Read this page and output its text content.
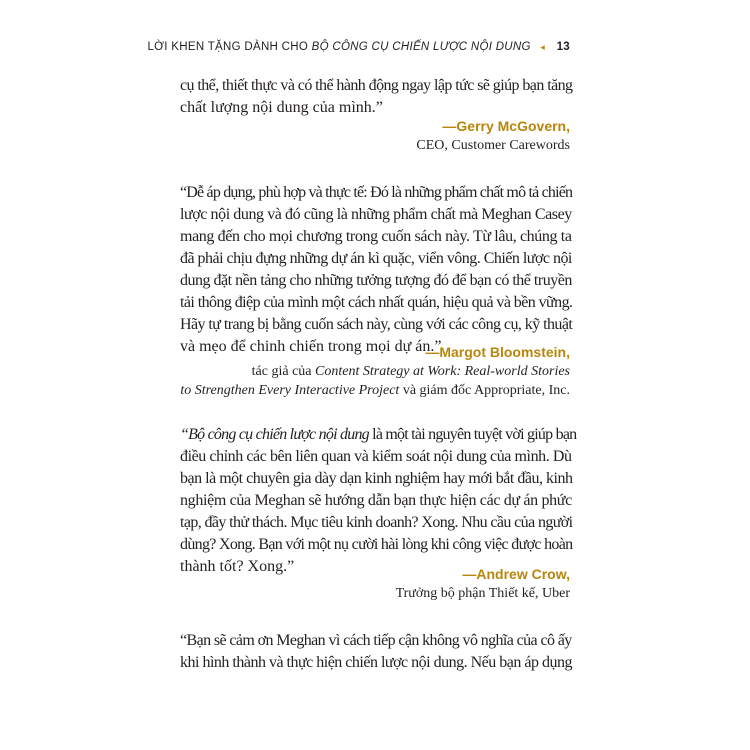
LỜI KHEN TẶNG DÀNH CHO BỘ CÔNG CỤ CHIẾN LƯỢC NỘI DUNG ◂ 13

cụ thể, thiết thực và có thể hành động ngay lập tức sẽ giúp bạn tăng

chất lượng nội dung của mình.”

—Gerry McGovern,
CEO, Customer Carewords

“Dễ áp dụng, phù hợp và thực tế: Đó là những phẩm chất mô tả chiến

lược nội dung và đó cũng là những phẩm chất mà Meghan Casey

mang đến cho mọi chương trong cuốn sách này. Từ lâu, chúng ta

đã phải chịu đựng những dự án kì quặc, viển vông. Chiến lược nội

dung đặt nền tảng cho những tưởng tượng đó để bạn có thể truyền

tải thông điệp của mình một cách nhất quán, hiệu quả và bền vững.

Hãy tự trang bị bằng cuốn sách này, cùng với các công cụ, kỹ thuật

và mẹo để chinh chiến trong mọi dự án.”

—Margot Bloomstein,
tác giả của Content Strategy at Work: Real-world Stories
to Strengthen Every Interactive Project và giám đốc Appropriate, Inc.

“Bộ công cụ chiến lược nội dung là một tài nguyên tuyệt vời giúp bạn

điều chỉnh các bên liên quan và kiểm soát nội dung của mình. Dù

bạn là một chuyên gia dày dạn kinh nghiệm hay mới bắt đầu, kinh

nghiệm của Meghan sẽ hướng dẫn bạn thực hiện các dự án phức

tạp, đầy thử thách. Mục tiêu kinh doanh? Xong. Nhu cầu của người

dùng? Xong. Bạn với một nụ cười hài lòng khi công việc được hoàn

thành tốt? Xong.”	—Andrew Crow,
Trưởng bộ phận Thiết kế, Uber

“Bạn sẽ cảm ơn Meghan vì cách tiếp cận không vô nghĩa của cô ấy

khi hình thành và thực hiện chiến lược nội dung. Nếu bạn áp dụng
